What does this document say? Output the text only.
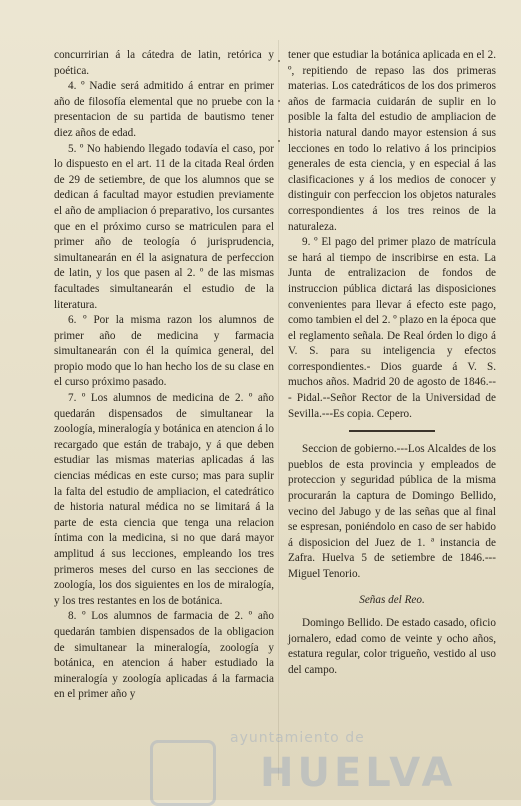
concurririan á la cátedra de latin, retórica y poética.

4. º Nadie será admitido á entrar en primer año de filosofía elemental que no pruebe con la presentacion de su partida de bautismo tener diez años de edad.

5. º No habiendo llegado todavía el caso, por lo dispuesto en el art. 11 de la citada Real órden de 29 de setiembre, de que los alumnos que se dedican á facultad mayor estudien previamente el año de ampliacion ó preparativo, los cursantes que en el próximo curso se matriculen para el primer año de teología ó jurisprudencia, simultanearán en él la asignatura de perfeccion de latin, y los que pasen al 2. º de las mismas facultades simultanearán el estudio de la literatura.

6. º Por la misma razon los alumnos de primer año de medicina y farmacia simultanearán con él la química general, del propio modo que lo han hecho los de su clase en el curso próximo pasado.

7. º Los alumnos de medicina de 2. º año quedarán dispensados de simultanear la zoología, mineralogía y botánica en atencion á lo recargado que están de trabajo, y á que deben estudiar las mismas materias aplicadas á las ciencias médicas en este curso; mas para suplir la falta del estudio de ampliacion, el catedrático de historia natural médica no se limitará á la parte de esta ciencia que tenga una relacion íntima con la medicina, si no que dará mayor amplitud á sus lecciones, empleando los tres primeros meses del curso en las secciones de zoología, los dos siguientes en los de miralogía, y los tres restantes en los de botánica.

8. º Los alumnos de farmacia de 2. º año quedarán tambien dispensados de la obligacion de simultanear la mineralogía, zoología y botánica, en atencion á haber estudiado la mineralogía y zoología aplicadas á la farmacia en el primer año y

tener que estudiar la botánica aplicada en el 2. º, repitiendo de repaso las dos primeras materias. Los catedráticos de los dos primeros años de farmacia cuidarán de suplir en lo posible la falta del estudio de ampliacion de historia natural dando mayor estension á sus lecciones en todo lo relativo á los principios generales de esta ciencia, y en especial á las clasificaciones y á los medios de conocer y distinguir con perfeccion los objetos naturales correspondientes á los tres reinos de la naturaleza.

9. º El pago del primer plazo de matrícula se hará al tiempo de inscribirse en esta. La Junta de entralizacion de fondos de instruccion pública dictará las disposiciones convenientes para llevar á efecto este pago, como tambien el del 2. º plazo en la época que el reglamento señala. De Real órden lo digo á V. S. para su inteligencia y efectos correspondientes.- Dios guarde á V. S. muchos años. Madrid 20 de agosto de 1846.--- Pidal.--Señor Rector de la Universidad de Sevilla.---Es copia. Cepero.

Seccion de gobierno.---Los Alcaldes de los pueblos de esta provincia y empleados de proteccion y seguridad pública de la misma procurarán la captura de Domingo Bellido, vecino del Jabugo y de las señas que al final se espresan, poniéndolo en caso de ser habido á disposicion del Juez de 1. ª instancia de Zafra. Huelva 5 de setiembre de 1846.---Miguel Tenorio.

Señas del Reo.

Domingo Bellido. De estado casado, oficio jornalero, edad como de veinte y ocho años, estatura regular, color trigueño, vestido al uso del campo.

ayuntamiento de
HUELVA
